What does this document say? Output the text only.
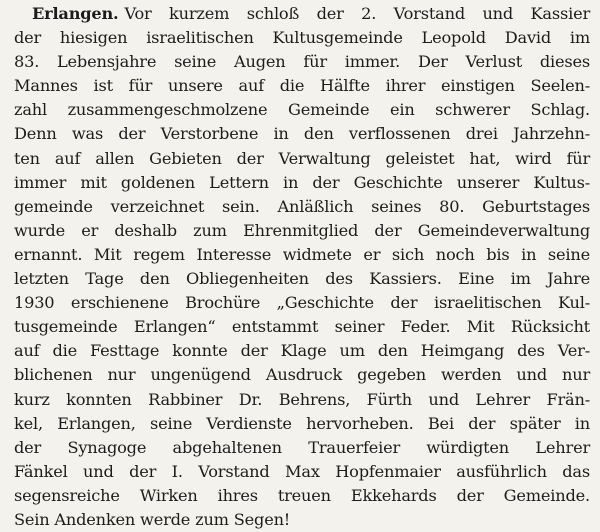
Erlangen. Vor kurzem schloß der 2. Vorstand und Kassier
der hiesigen israelitischen Kultusgemeinde Leopold David im
83. Lebensjahre seine Augen für immer. Der Verlust dieses
Mannes ist für unsere auf die Hälfte ihrer einstigen Seelen-
zahl zusammengeschmolzene Gemeinde ein schwerer Schlag.
Denn was der Verstorbene in den verflossenen drei Jahrzehn-
ten auf allen Gebieten der Verwaltung geleistet hat, wird für
immer mit goldenen Lettern in der Geschichte unserer Kultus-
gemeinde verzeichnet sein. Anläßlich seines 80. Geburtstages
wurde er deshalb zum Ehrenmitglied der Gemeindeverwaltung
ernannt. Mit regem Interesse widmete er sich noch bis in seine
letzten Tage den Obliegenheiten des Kassiers. Eine im Jahre
1930 erschienene Brochüre „Geschichte der israelitischen Kul-
tusgemeinde Erlangen“ entstammt seiner Feder. Mit Rücksicht
auf die Festtage konnte der Klage um den Heimgang des Ver-
blichenen nur ungenügend Ausdruck gegeben werden und nur
kurz konnten Rabbiner Dr. Behrens, Fürth und Lehrer Frän-
kel, Erlangen, seine Verdienste hervorheben. Bei der später in
der Synagoge abgehaltenen Trauerfeier würdigten Lehrer
Fänkel und der I. Vorstand Max Hopfenmaier ausführlich das
segensreiche Wirken ihres treuen Ekkehards der Gemeinde.
Sein Andenken werde zum Segen!
